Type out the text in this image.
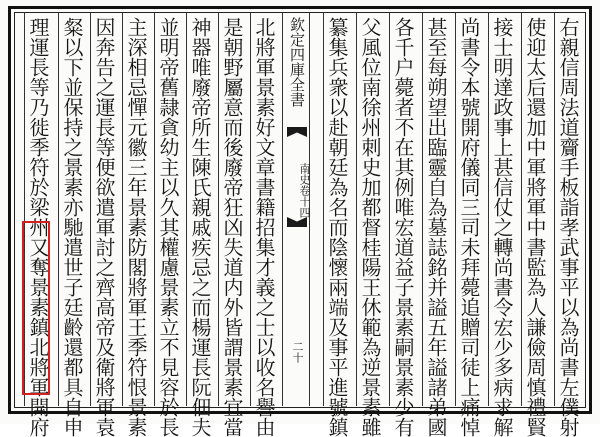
右親信周法道齎手板詣孝武事平以為尚書左僕射
使迎太后還加中軍將軍中書監為人謙儉周慎禮賢
接士明達政事上甚信仗之轉尚書令宏少多病求解
尚書令本號開府儀同三司未拜薨追贈司徒上痛悼
甚至每朔望出臨靈自為墓誌銘并謚五年謚諸弟國
各千户薨者不在其例唯宏道益子景素嗣景素少有
父風位南徐州刺史加都督桂陽王休範為逆景素雖
纂集兵衆以赴朝廷為名而陰懷兩端及事平進號鎮
欽定四庫全書
南史卷十四
二十
北將軍景素好文章書籍招集才義之士以收名譽由
是朝野屬意而後廢帝狂凶失道内外皆謂景素宜當
神器唯廢帝所生陳氏親戚疾忌之而楊運長阮佃夫
並明帝舊隷貪幼主以久其權慮景素立不見容於長
主深相忌憚元徽三年景素防閣將軍王季符恨景素
因奔告之運長等便欲遣軍討之齊高帝及衛將軍袁
粲以下並保持之景素亦馳遣世子廷齡還都具自申
理運長等乃徙季符於梁州又奪景素鎮北將軍開府
